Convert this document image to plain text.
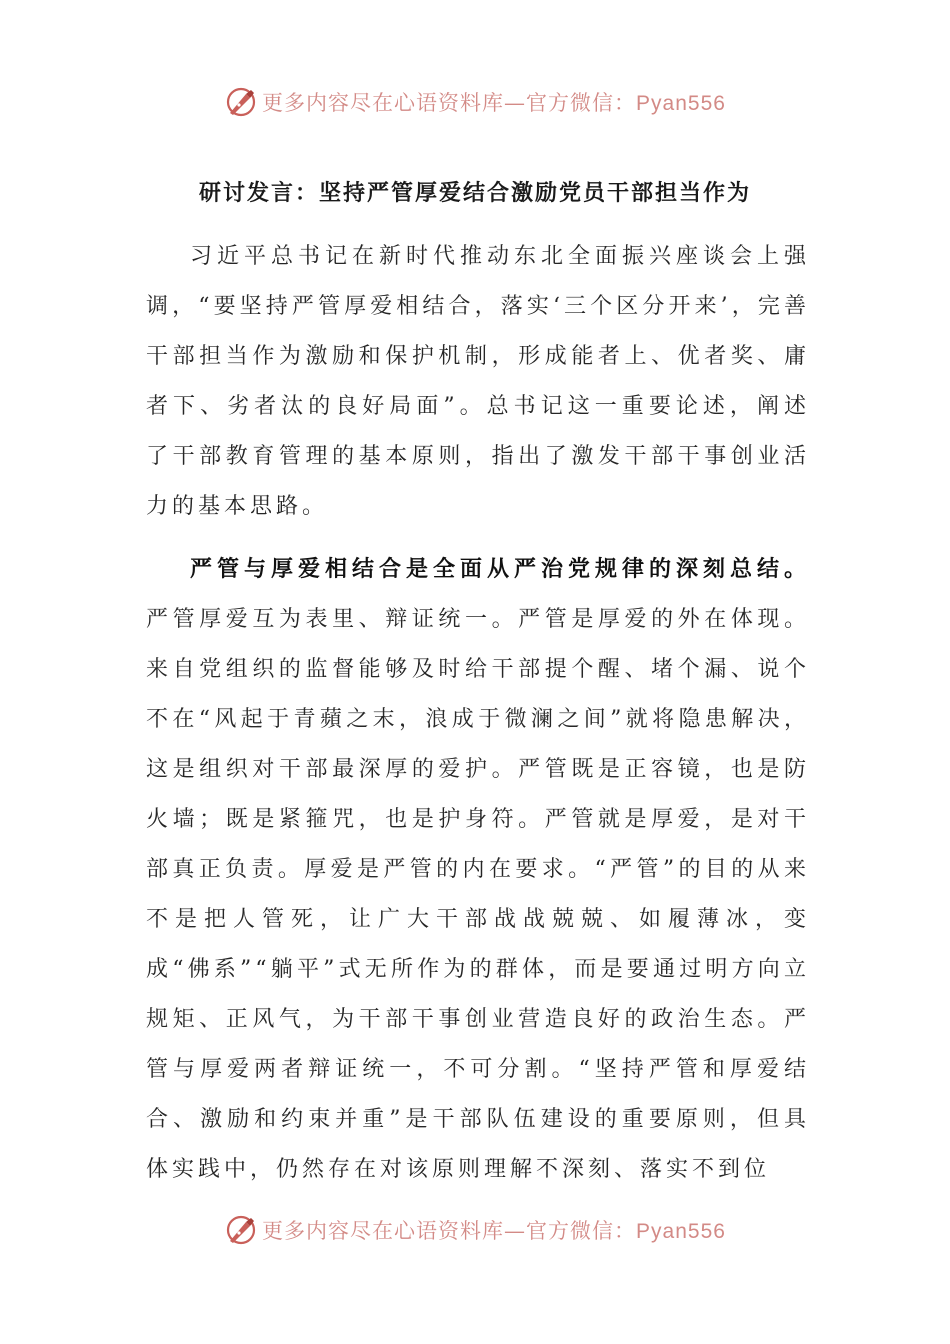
更多内容尽在心语资料库—官方微信：Pyan556
研讨发言：坚持严管厚爱结合激励党员干部担当作为

习近平总书记在新时代推动东北全面振兴座谈会上强调，“要坚持严管厚爱相结合，落实‘三个区分开来’，完善干部担当作为激励和保护机制，形成能者上、优者奖、庸者下、劣者汰的良好局面”。总书记这一重要论述，阐述了干部教育管理的基本原则，指出了激发干部干事创业活力的基本思路。

严管与厚爱相结合是全面从严治党规律的深刻总结。严管厚爱互为表里、辩证统一。严管是厚爱的外在体现。来自党组织的监督能够及时给干部提个醒、堵个漏、说个不在“风起于青蘋之末，浪成于微澜之间”就将隐患解决，这是组织对干部最深厚的爱护。严管既是正容镜，也是防火墙；既是紧箍咒，也是护身符。严管就是厚爱，是对干部真正负责。厚爱是严管的内在要求。“严管”的目的从来不是把人管死，让广大干部战战兢兢、如履薄冰，变成“佛系”“躺平”式无所作为的群体，而是要通过明方向立规矩、正风气，为干部干事创业营造良好的政治生态。严管与厚爱两者辩证统一，不可分割。“坚持严管和厚爱结合、激励和约束并重”是干部队伍建设的重要原则，但具体实践中，仍然存在对该原则理解不深刻、落实不到位

更多内容尽在心语资料库—官方微信：Pyan556
